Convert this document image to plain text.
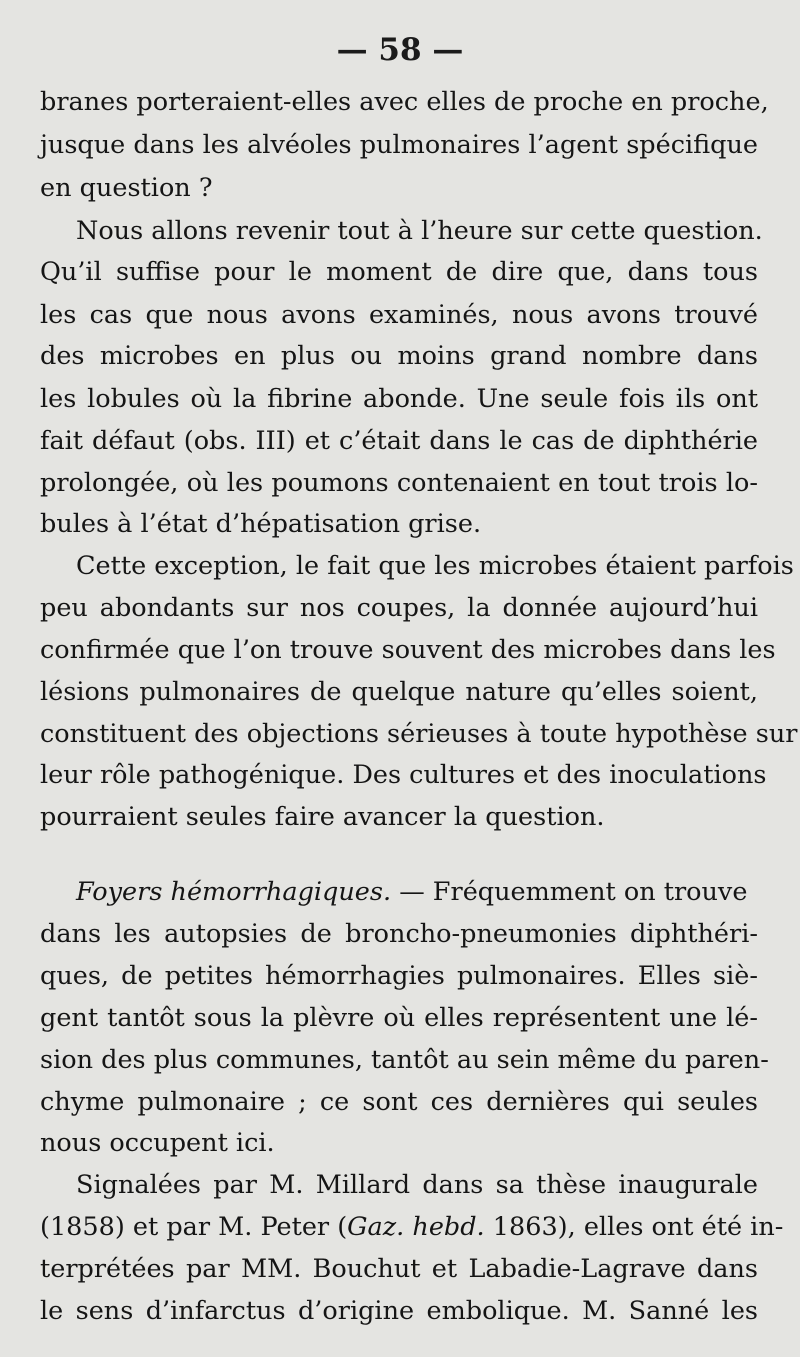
— 58 —
branes porteraient-elles avec elles de proche en proche,
jusque dans les alvéoles pulmonaires l’agent spécifique
en question ?
Nous allons revenir tout à l’heure sur cette question.
Qu’il suffise pour le moment de dire que, dans tous
les cas que nous avons examinés, nous avons trouvé
des microbes en plus ou moins grand nombre dans
les lobules où la fibrine abonde. Une seule fois ils ont
fait défaut (obs. III) et c’était dans le cas de diphthérie
prolongée, où les poumons contenaient en tout trois lo-
bules à l’état d’hépatisation grise.
Cette exception, le fait que les microbes étaient parfois
peu abondants sur nos coupes, la donnée aujourd’hui
confirmée que l’on trouve souvent des microbes dans les
lésions pulmonaires de quelque nature qu’elles soient,
constituent des objections sérieuses à toute hypothèse sur
leur rôle pathogénique. Des cultures et des inoculations
pourraient seules faire avancer la question.
Foyers hémorrhagiques. — Fréquemment on trouve
dans les autopsies de broncho-pneumonies diphthéri-
ques, de petites hémorrhagies pulmonaires. Elles siè-
gent tantôt sous la plèvre où elles représentent une lé-
sion des plus communes, tantôt au sein même du paren-
chyme pulmonaire ; ce sont ces dernières qui seules
nous occupent ici.
Signalées par M. Millard dans sa thèse inaugurale
(1858) et par M. Peter (Gaz. hebd. 1863), elles ont été in-
terprétées par MM. Bouchut et Labadie-Lagrave dans
le sens d’infarctus d’origine embolique. M. Sanné les
